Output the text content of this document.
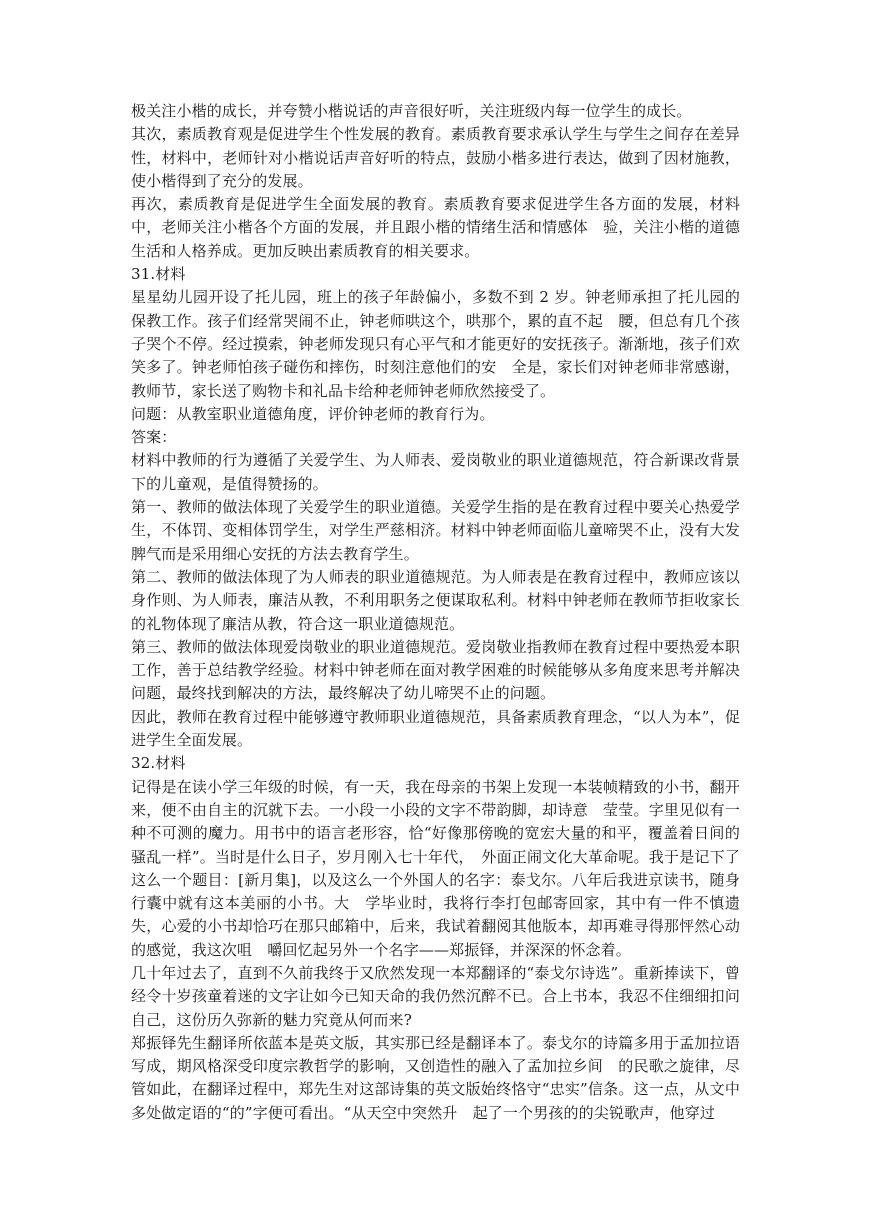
极关注小楷的成长，并夸赞小楷说话的声音很好听，关注班级内每一位学生的成长。

其次，素质教育观是促进学生个性发展的教育。素质教育要求承认学生与学生之间存在差异性，材料中，老师针对小楷说话声音好听的特点，鼓励小楷多进行表达，做到了因材施教，使小楷得到了充分的发展。

再次，素质教育是促进学生全面发展的教育。素质教育要求促进学生各方面的发展，材料中，老师关注小楷各个方面的发展，并且跟小楷的情绪生活和情感体　验，关注小楷的道德生活和人格养成。更加反映出素质教育的相关要求。

31.材料

星星幼儿园开设了托儿园，班上的孩子年龄偏小，多数不到 2 岁。钟老师承担了托儿园的保教工作。孩子们经常哭闹不止，钟老师哄这个，哄那个，累的直不起　腰，但总有几个孩子哭个不停。经过摸索，钟老师发现只有心平气和才能更好的安抚孩子。渐渐地，孩子们欢笑多了。钟老师怕孩子碰伤和摔伤，时刻注意他们的安　全是，家长们对钟老师非常感谢，教师节，家长送了购物卡和礼品卡给种老师钟老师欣然接受了。

问题：从教室职业道德角度，评价钟老师的教育行为。

答案：

材料中教师的行为遵循了关爱学生、为人师表、爱岗敬业的职业道德规范，符合新课改背景下的儿童观，是值得赞扬的。

第一、教师的做法体现了关爱学生的职业道德。关爱学生指的是在教育过程中要关心热爱学生，不体罚、变相体罚学生，对学生严慈相济。材料中钟老师面临儿童啼哭不止，没有大发脾气而是采用细心安抚的方法去教育学生。

第二、教师的做法体现了为人师表的职业道德规范。为人师表是在教育过程中，教师应该以身作则、为人师表，廉洁从教，不利用职务之便谋取私利。材料中钟老师在教师节拒收家长的礼物体现了廉洁从教，符合这一职业道德规范。

第三、教师的做法体现爱岗敬业的职业道德规范。爱岗敬业指教师在教育过程中要热爱本职工作，善于总结教学经验。材料中钟老师在面对教学困难的时候能够从多角度来思考并解决问题，最终找到解决的方法，最终解决了幼儿啼哭不止的问题。

因此，教师在教育过程中能够遵守教师职业道德规范，具备素质教育理念，“以人为本”，促进学生全面发展。

32.材料

记得是在读小学三年级的时候，有一天，我在母亲的书架上发现一本装帧精致的小书，翻开来，便不由自主的沉就下去。一小段一小段的文字不带韵脚，却诗意　莹莹。字里见似有一种不可测的魔力。用书中的语言老形容，恰“好像那傍晚的宽宏大量的和平，覆盖着日间的骚乱一样”。当时是什么日子，岁月刚入七十年代，　外面正闹文化大革命呢。我于是记下了这么一个题目：[新月集]，以及这么一个外国人的名字：泰戈尔。八年后我进京读书，随身行囊中就有这本美丽的小书。大　学毕业时，我将行李打包邮寄回家，其中有一件不慎遗失，心爱的小书却恰巧在那只邮箱中，后来，我试着翻阅其他版本，却再难寻得那怦然心动的感觉，我这次咀　嚼回忆起另外一个名字——郑振铎，并深深的怀念着。

几十年过去了，直到不久前我终于又欣然发现一本郑翻译的“泰戈尔诗选”。重新捧读下，曾经令十岁孩童着迷的文字让如今已知天命的我仍然沉醉不已。合上书本，我忍不住细细扣问自己，这份历久弥新的魅力究竟从何而来?

郑振铎先生翻译所依蓝本是英文版，其实那已经是翻译本了。泰戈尔的诗篇多用于孟加拉语写成，期风格深受印度宗教哲学的影响，又创造性的融入了孟加拉乡间　的民歌之旋律，尽管如此，在翻译过程中，郑先生对这部诗集的英文版始终恪守“忠实”信条。这一点，从文中多处做定语的“的”字便可看出。“从天空中突然升　起了一个男孩的的尖锐歌声，他穿过
